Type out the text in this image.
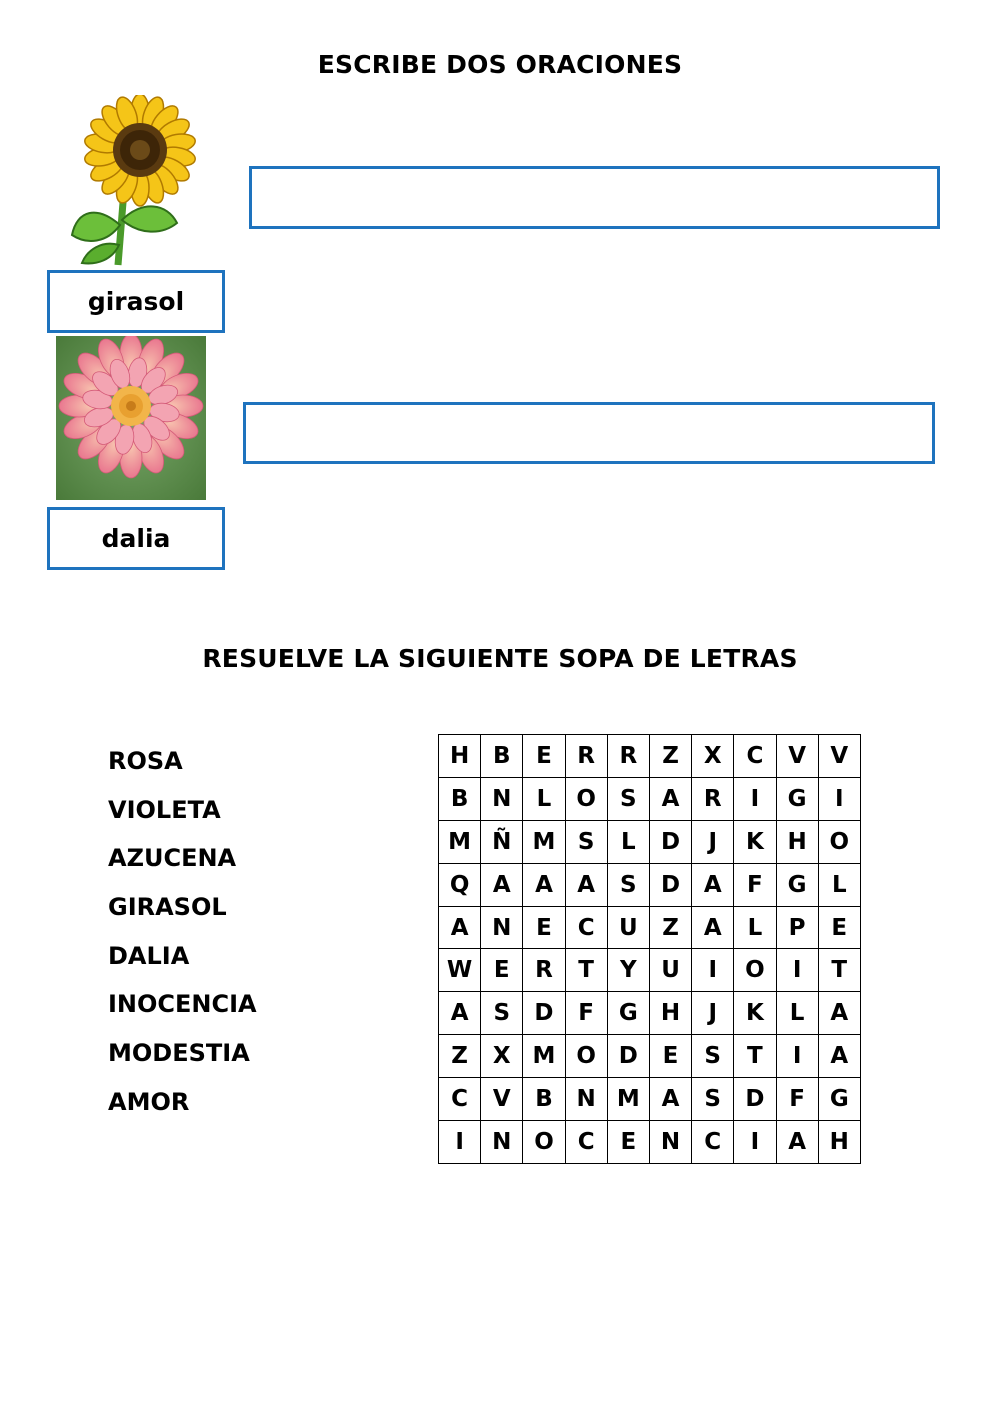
ESCRIBE DOS ORACIONES
girasol
dalia
RESUELVE LA SIGUIENTE SOPA DE LETRAS
ROSA
VIOLETA
AZUCENA
GIRASOL
DALIA
INOCENCIA
MODESTIA
AMOR
H	B	E	R	R	Z	X	C	V	V
B	N	L	O	S	A	R	I	G	I
M	Ñ	M	S	L	D	J	K	H	O
Q	A	A	A	S	D	A	F	G	L
A	N	E	C	U	Z	A	L	P	E
W	E	R	T	Y	U	I	O	I	T
A	S	D	F	G	H	J	K	L	A
Z	X	M	O	D	E	S	T	I	A
C	V	B	N	M	A	S	D	F	G
I	N	O	C	E	N	C	I	A	H
